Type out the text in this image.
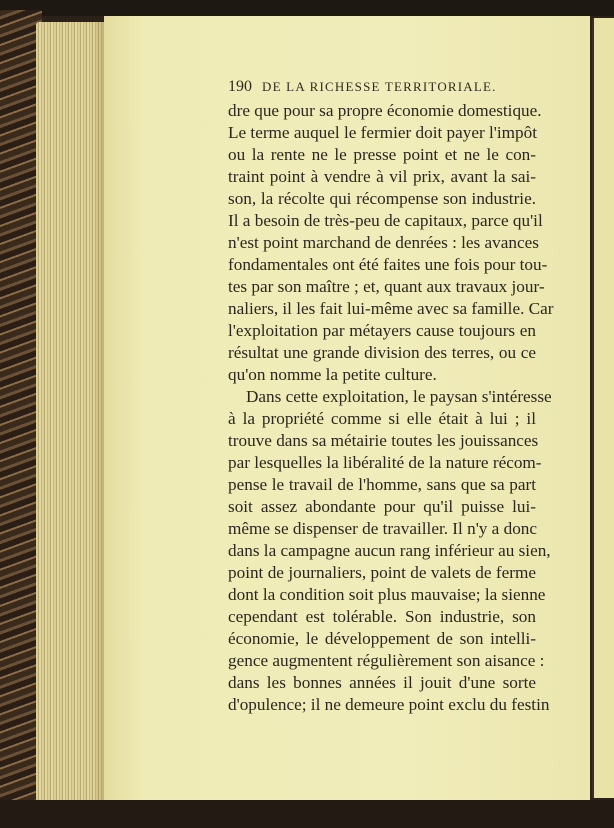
190 DE LA RICHESSE TERRITORIALE.
dre que pour sa propre économie domestique.
Le terme auquel le fermier doit payer l'impôt
ou la rente ne le presse point et ne le con-
traint point à vendre à vil prix, avant la sai-
son, la récolte qui récompense son industrie.
Il a besoin de très-peu de capitaux, parce qu'il
n'est point marchand de denrées : les avances
fondamentales ont été faites une fois pour tou-
tes par son maître ; et, quant aux travaux jour-
naliers, il les fait lui-même avec sa famille. Car
l'exploitation par métayers cause toujours en
résultat une grande division des terres, ou ce
qu'on nomme la petite culture.
Dans cette exploitation, le paysan s'intéresse
à la propriété comme si elle était à lui ; il
trouve dans sa métairie toutes les jouissances
par lesquelles la libéralité de la nature récom-
pense le travail de l'homme, sans que sa part
soit assez abondante pour qu'il puisse lui-
même se dispenser de travailler. Il n'y a donc
dans la campagne aucun rang inférieur au sien,
point de journaliers, point de valets de ferme
dont la condition soit plus mauvaise; la sienne
cependant est tolérable. Son industrie, son
économie, le développement de son intelli-
gence augmentent régulièrement son aisance :
dans les bonnes années il jouit d'une sorte
d'opulence; il ne demeure point exclu du festin
